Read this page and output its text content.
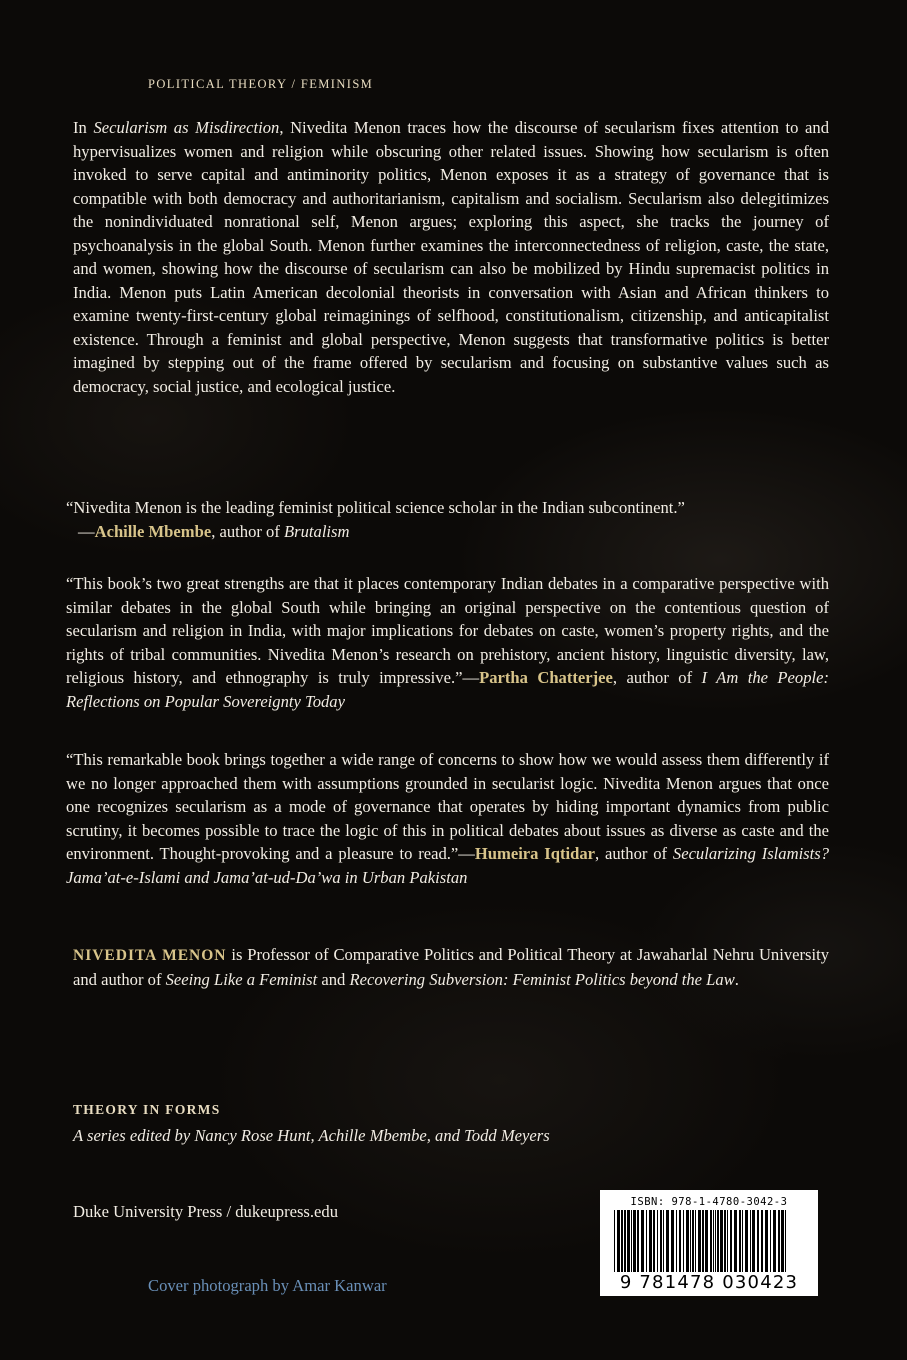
POLITICAL THEORY / FEMINISM

In Secularism as Misdirection, Nivedita Menon traces how the discourse of secularism fixes attention to and hypervisualizes women and religion while obscuring other related issues. Showing how secularism is often invoked to serve capital and antiminority politics, Menon exposes it as a strategy of governance that is compatible with both democracy and authoritarianism, capitalism and socialism. Secularism also delegitimizes the nonindividuated nonrational self, Menon argues; exploring this aspect, she tracks the journey of psychoanalysis in the global South. Menon further examines the interconnectedness of religion, caste, the state, and women, showing how the discourse of secularism can also be mobilized by Hindu supremacist politics in India. Menon puts Latin American decolonial theorists in conversation with Asian and African thinkers to examine twenty-first-century global reimaginings of selfhood, constitutionalism, citizenship, and anticapitalist existence. Through a feminist and global perspective, Menon suggests that transformative politics is better imagined by stepping out of the frame offered by secularism and focusing on substantive values such as democracy, social justice, and ecological justice.

“Nivedita Menon is the leading feminist political science scholar in the Indian subcontinent.”
—Achille Mbembe, author of Brutalism

“This book’s two great strengths are that it places contemporary Indian debates in a comparative perspective with similar debates in the global South while bringing an original perspective on the contentious question of secularism and religion in India, with major implications for debates on caste, women’s property rights, and the rights of tribal communities. Nivedita Menon’s research on prehistory, ancient history, linguistic diversity, law, religious history, and ethnography is truly impressive.”—Partha Chatterjee, author of I Am the People: Reflections on Popular Sovereignty Today

“This remarkable book brings together a wide range of concerns to show how we would assess them differently if we no longer approached them with assumptions grounded in secularist logic. Nivedita Menon argues that once one recognizes secularism as a mode of governance that operates by hiding important dynamics from public scrutiny, it becomes possible to trace the logic of this in political debates about issues as diverse as caste and the environment. Thought-provoking and a pleasure to read.”—Humeira Iqtidar, author of Secularizing Islamists? Jama’at-e-Islami and Jama’at-ud-Da’wa in Urban Pakistan

NIVEDITA MENON is Professor of Comparative Politics and Political Theory at Jawaharlal Nehru University and author of Seeing Like a Feminist and Recovering Subversion: Feminist Politics beyond the Law.

THEORY IN FORMS
A series edited by Nancy Rose Hunt, Achille Mbembe, and Todd Meyers
Duke University Press / dukeupress.edu
Cover photograph by Amar Kanwar
ISBN: 978-1-4780-3042-3
9 781478 030423
